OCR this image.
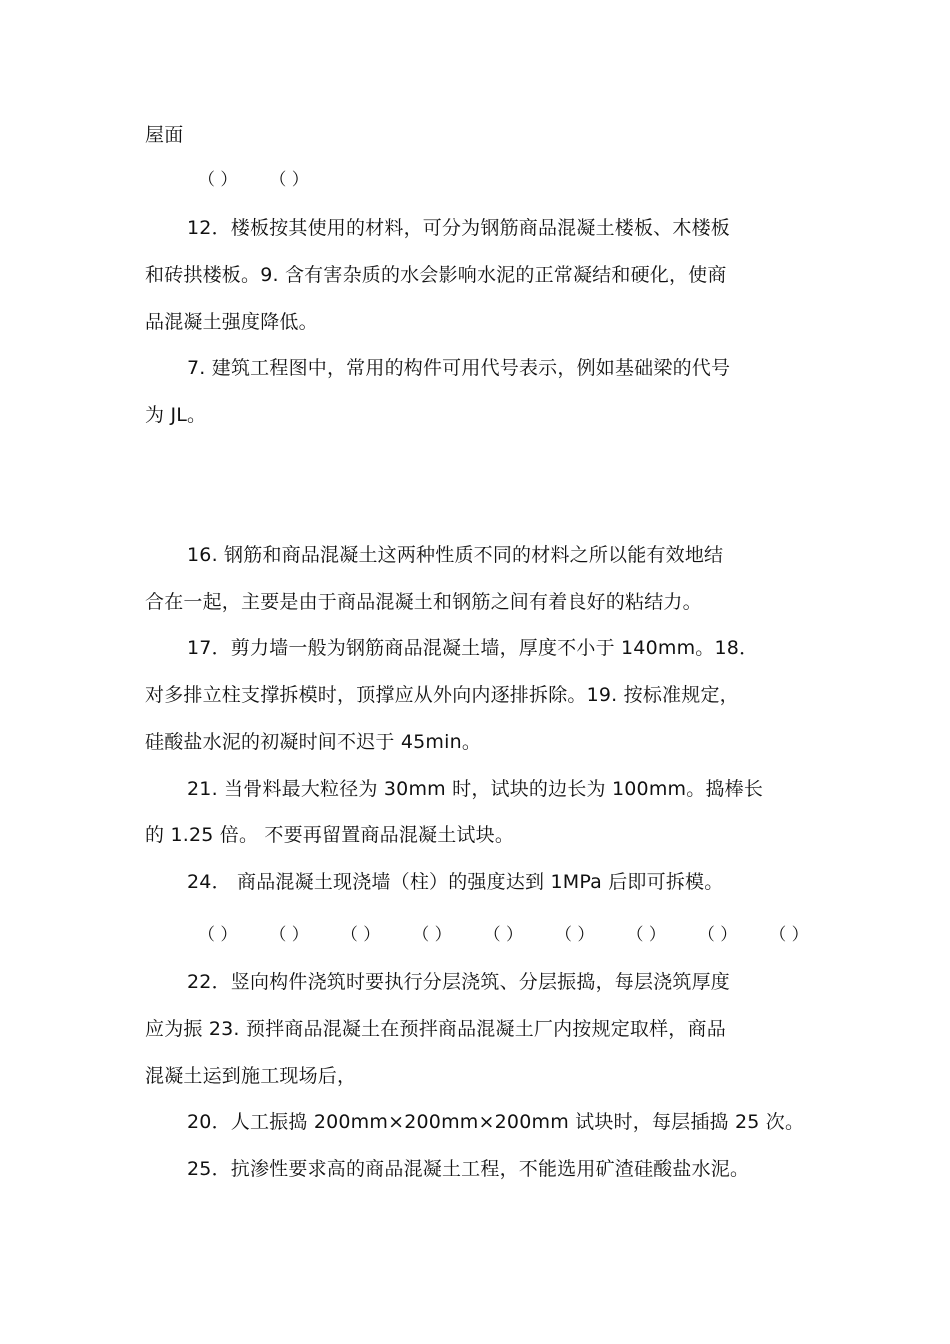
屋面
（ ） （ ）
12．楼板按其使用的材料，可分为钢筋商品混凝土楼板、木楼板
和砖拱楼板。9. 含有害杂质的水会影响水泥的正常凝结和硬化，使商
品混凝土强度降低。
7. 建筑工程图中，常用的构件可用代号表示，例如基础梁的代号
为 JL。
16. 钢筋和商品混凝土这两种性质不同的材料之所以能有效地结
合在一起，主要是由于商品混凝土和钢筋之间有着良好的粘结力。
17．剪力墙一般为钢筋商品混凝土墙，厚度不小于 140mm。18．
对多排立柱支撑拆模时，顶撑应从外向内逐排拆除。19. 按标准规定，
硅酸盐水泥的初凝时间不迟于 45min。
21. 当骨料最大粒径为 30mm 时，试块的边长为 100mm。捣棒长
的 1.25 倍。 不要再留置商品混凝土试块。
24． 商品混凝土现浇墙（柱）的强度达到 1MPa 后即可拆模。
（ ） （ ） （ ） （ ） （ ） （ ） （ ） （ ） （ ）
22．竖向构件浇筑时要执行分层浇筑、分层振捣，每层浇筑厚度
应为振 23. 预拌商品混凝土在预拌商品混凝土厂内按规定取样，商品
混凝土运到施工现场后，
20．人工振捣 200mm×200mm×200mm 试块时，每层插捣 25 次。
25．抗渗性要求高的商品混凝土工程，不能选用矿渣硅酸盐水泥。
